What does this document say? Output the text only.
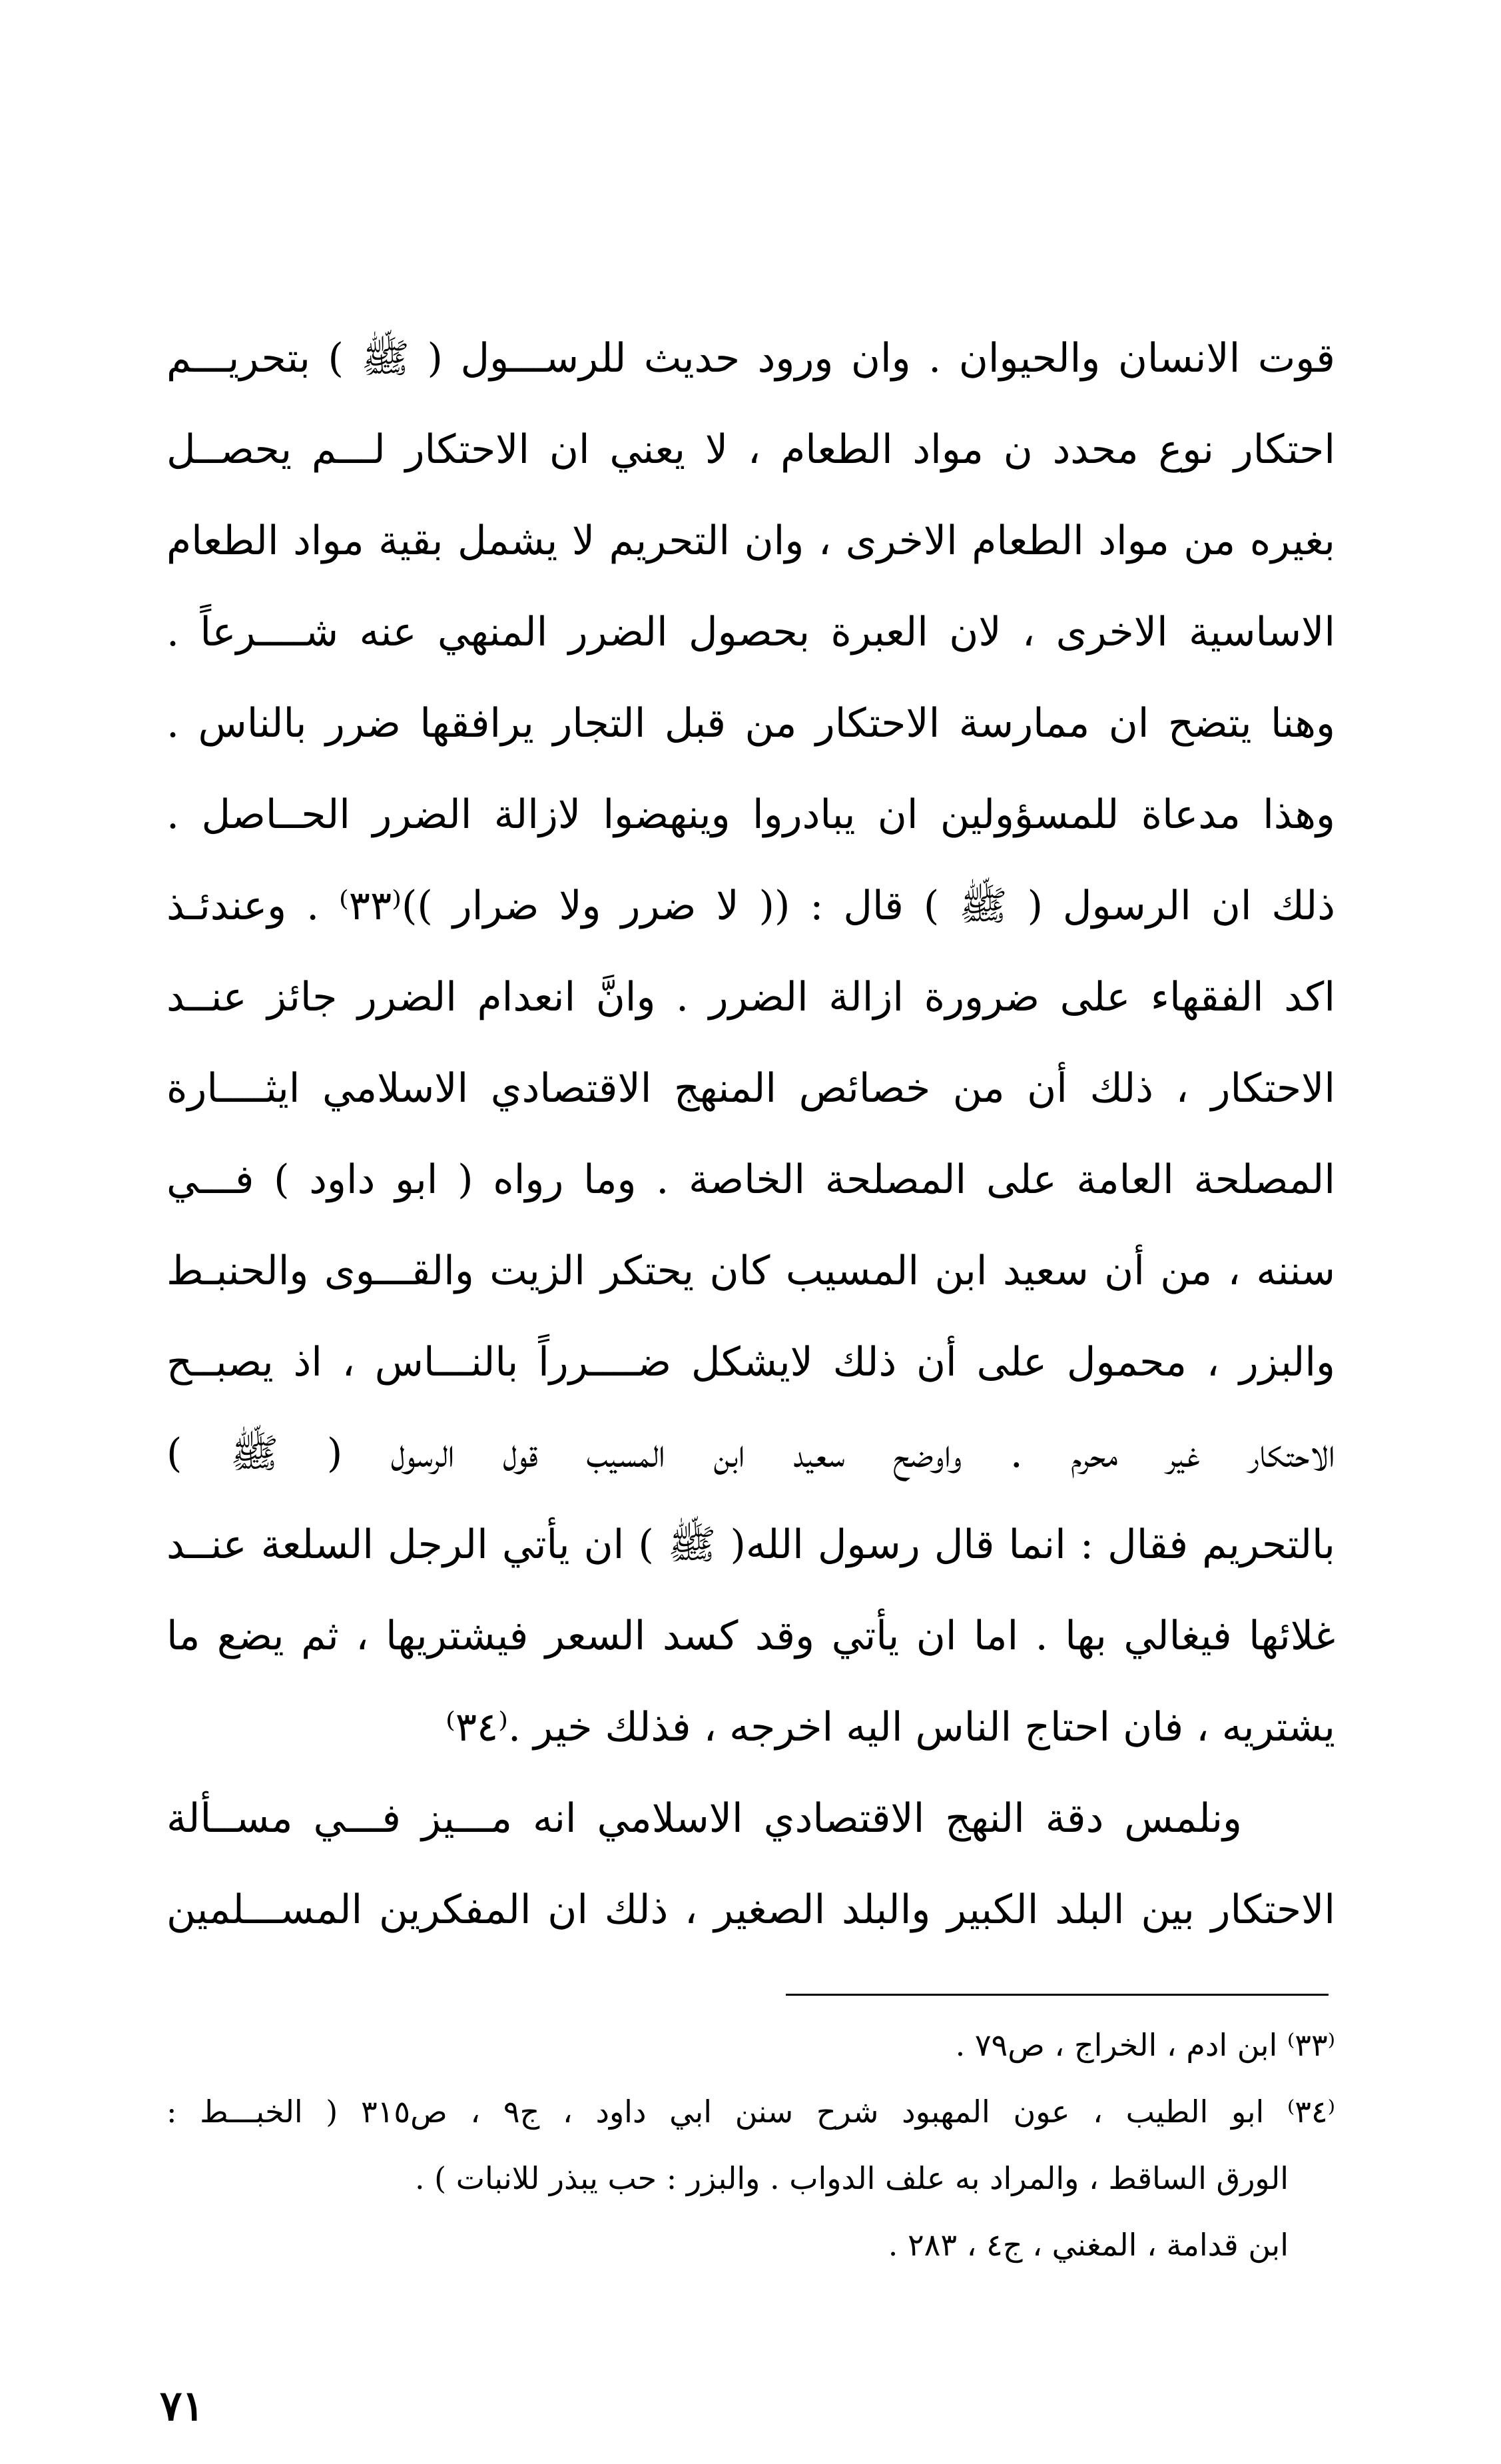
قوت الانسان والحيوان . وان ورود حديث للرســـول ( ﷺ ) بتحريـــم
احتكار نوع محدد ن مواد الطعام ، لا يعني ان الاحتكار لـــم يحصــل
بغيره من مواد الطعام الاخرى ، وان التحريم لا يشمل بقية مواد الطعام
الاساسية الاخرى ، لان العبرة بحصول الضرر المنهي عنه شــــرعاً .
وهنا يتضح ان ممارسة الاحتكار من قبل التجار يرافقها ضرر بالناس .
وهذا مدعاة للمسؤولين ان يبادروا وينهضوا لازالة الضرر الحــاصل .
ذلك ان الرسول ( ﷺ ) قال : (( لا ضرر ولا ضرار ))⁽٣٣⁾ . وعندئـذ
اكد الفقهاء على ضرورة ازالة الضرر . وانَّ انعدام الضرر جائز عنــد
الاحتكار ، ذلك أن من خصائص المنهج الاقتصادي الاسلامي ايثــــارة
المصلحة العامة على المصلحة الخاصة . وما رواه ( ابو داود ) فـــي
سننه ، من أن سعيد ابن المسيب كان يحتكر الزيت والقـــوى والحنبـط
والبزر ، محمول على أن ذلك لايشكل ضــــرراً بالنـــاس ، اذ يصبــح
الاحتكار غير محرم . واوضح سعيد ابن المسيب قول الرسول ( ﷺ )
بالتحريم فقال : انما قال رسول الله( ﷺ ) ان يأتي الرجل السلعة عنــد
غلائها فيغالي بها . اما ان يأتي وقد كسد السعر فيشتريها ، ثم يضع ما
يشتريه ، فان احتاج الناس اليه اخرجه ، فذلك خير .⁽٣٤⁾
ونلمس دقة النهج الاقتصادي الاسلامي انه مـــيز فـــي مســألة
الاحتكار بين البلد الكبير والبلد الصغير ، ذلك ان المفكرين المســـلمين
⁽٣٣⁾ ابن ادم ، الخراج ، ص٧٩ .
⁽٣٤⁾ ابو الطيب ، عون المهبود شرح سنن ابي داود ، ج٩ ، ص٣١٥ ( الخبـــط :
الورق الساقط ، والمراد به علف الدواب . والبزر : حب يبذر للانبات ) .
ابن قدامة ، المغني ، ج٤ ، ٢٨٣ .
٧١
